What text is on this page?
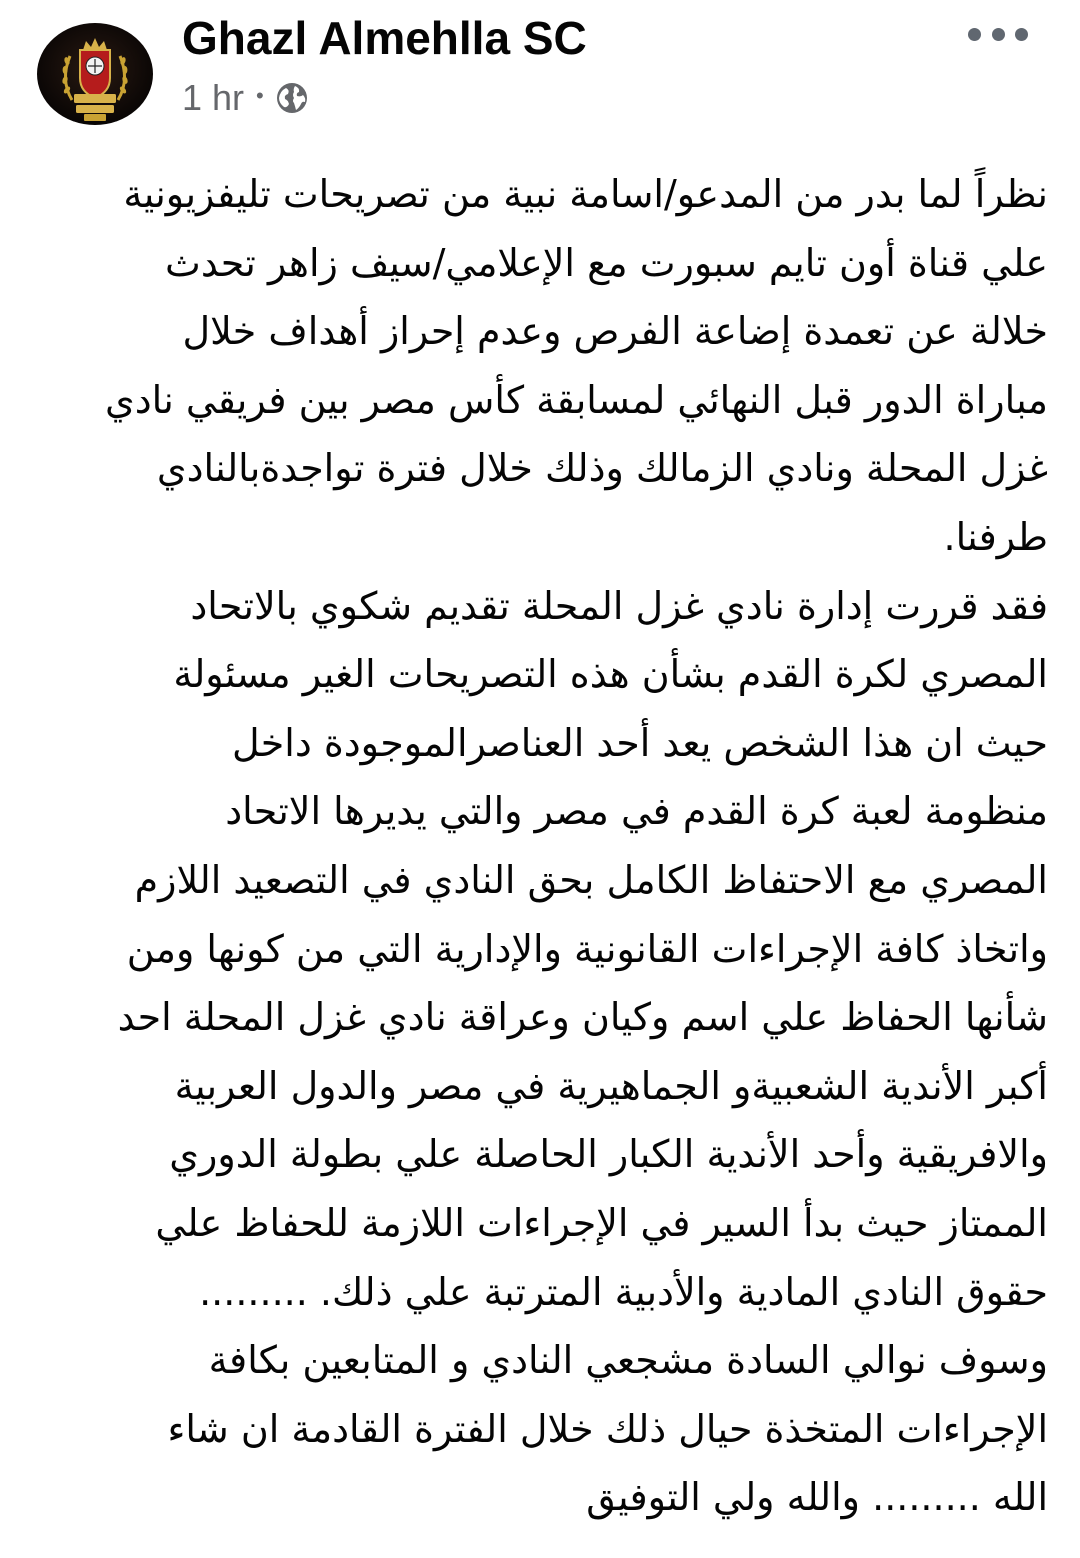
Ghazl Almehlla SC
1 hr •
نظراً لما بدر من المدعو/اسامة نبية من تصريحات تليفزيونية
علي قناة أون تايم سبورت مع الإعلامي/سيف زاهر تحدث
خلالة عن تعمدة إضاعة الفرص وعدم إحراز أهداف خلال
مباراة الدور قبل النهائي لمسابقة كأس مصر بين فريقي نادي
غزل المحلة ونادي الزمالك وذلك خلال فترة تواجدةبالنادي
طرفنا.
فقد قررت إدارة نادي غزل المحلة تقديم شكوي بالاتحاد
المصري لكرة القدم بشأن هذه التصريحات الغير مسئولة
حيث ان هذا الشخص يعد أحد العناصرالموجودة داخل
منظومة لعبة كرة القدم في مصر والتي يديرها الاتحاد
المصري مع الاحتفاظ الكامل بحق النادي في التصعيد اللازم
واتخاذ كافة الإجراءات القانونية والإدارية التي من كونها ومن
شأنها الحفاظ علي اسم وكيان وعراقة نادي غزل المحلة احد
أكبر الأندية الشعبيةو الجماهيرية في مصر والدول العربية
والافريقية وأحد الأندية الكبار الحاصلة علي بطولة الدوري
الممتاز حيث بدأ السير في الإجراءات اللازمة للحفاظ علي
حقوق النادي المادية والأدبية المترتبة علي ذلك. .........
وسوف نوالي السادة مشجعي النادي و المتابعين بكافة
الإجراءات المتخذة حيال ذلك خلال الفترة القادمة ان شاء
الله ......... والله ولي التوفيق
